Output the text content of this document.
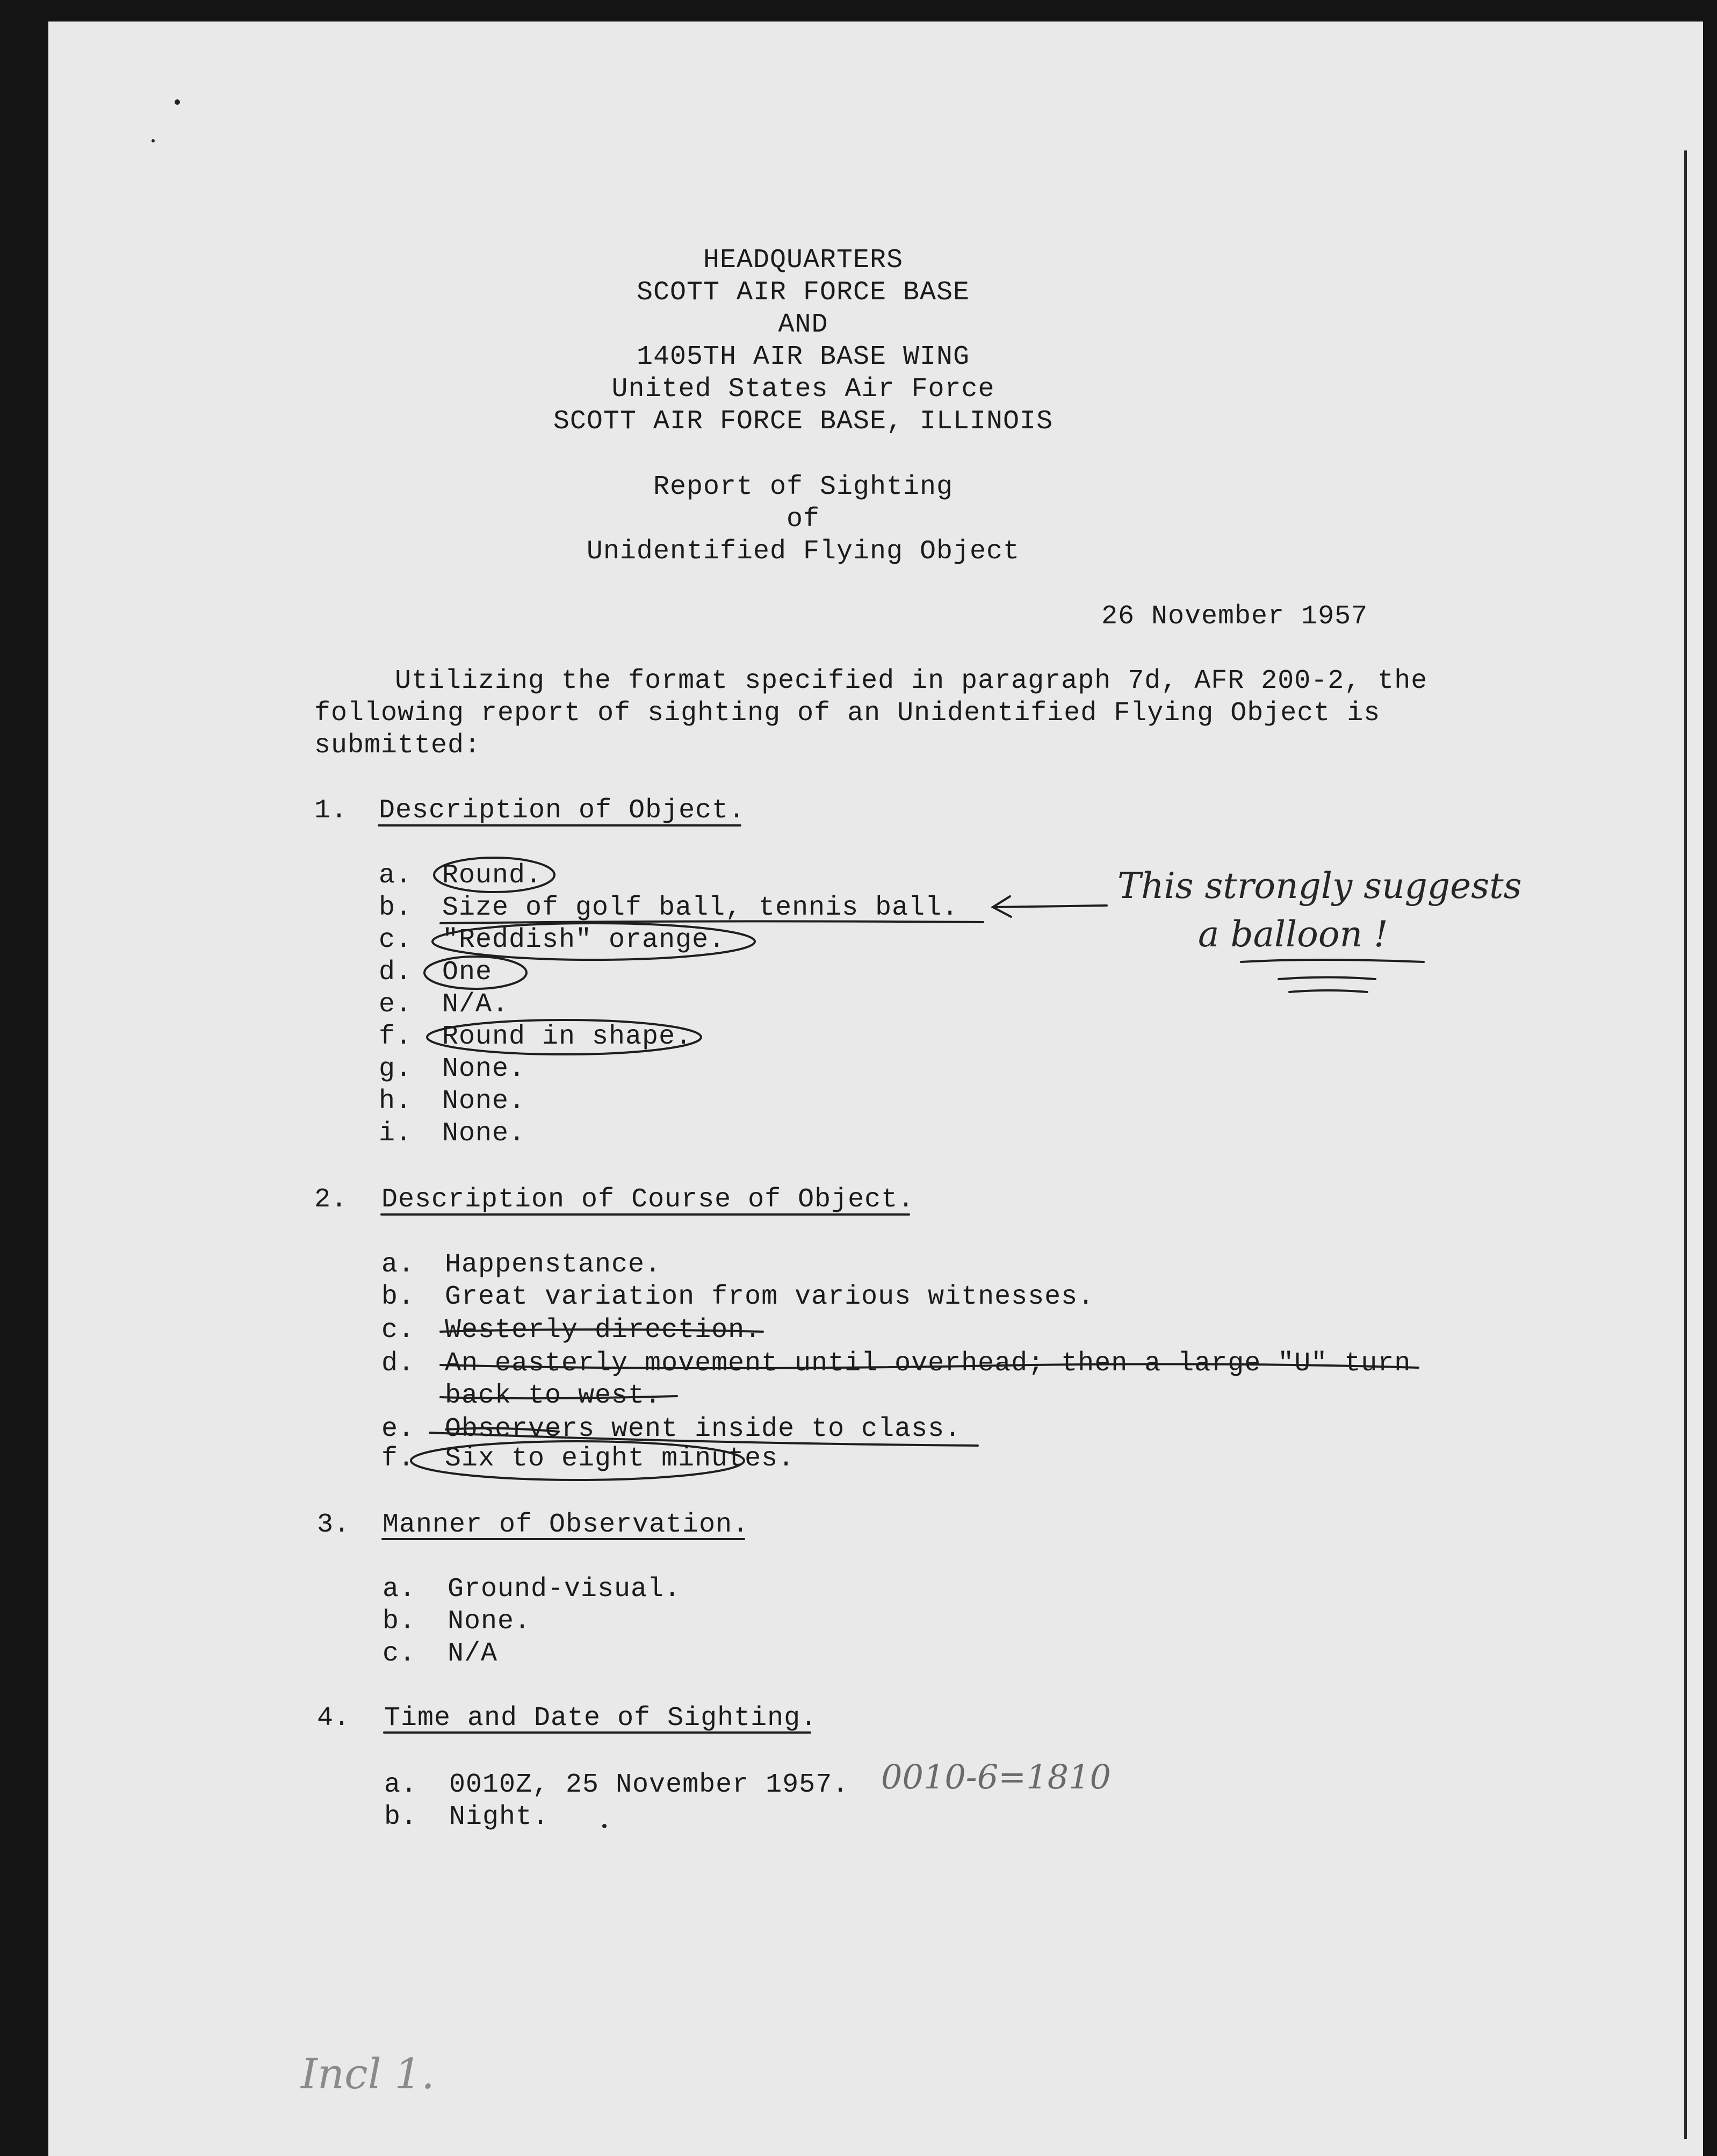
HEADQUARTERS
SCOTT AIR FORCE BASE
AND
1405TH AIR BASE WING
United States Air Force
SCOTT AIR FORCE BASE, ILLINOIS
Report of Sighting
of
Unidentified Flying Object
26 November 1957
Utilizing the format specified in paragraph 7d, AFR 200-2, the
following report of sighting of an Unidentified Flying Object is
submitted:
1. Description of Object.
a. Round.
b. Size of golf ball, tennis ball.
c. "Reddish" orange.
d. One
e. N/A.
f. Round in shape.
g. None.
h. None.
i. None.
2. Description of Course of Object.
a. Happenstance.
b. Great variation from various witnesses.
c. Westerly direction.
d. An easterly movement until overhead; then a large "U" turn
back to west.
e. Observers went inside to class.
f. Six to eight minutes.
3. Manner of Observation.
a. Ground-visual.
b. None.
c. N/A
4. Time and Date of Sighting.
a. 0010Z, 25 November 1957.
b. Night.
This strongly suggests
a balloon !
0010-6=1810
Incl 1.
